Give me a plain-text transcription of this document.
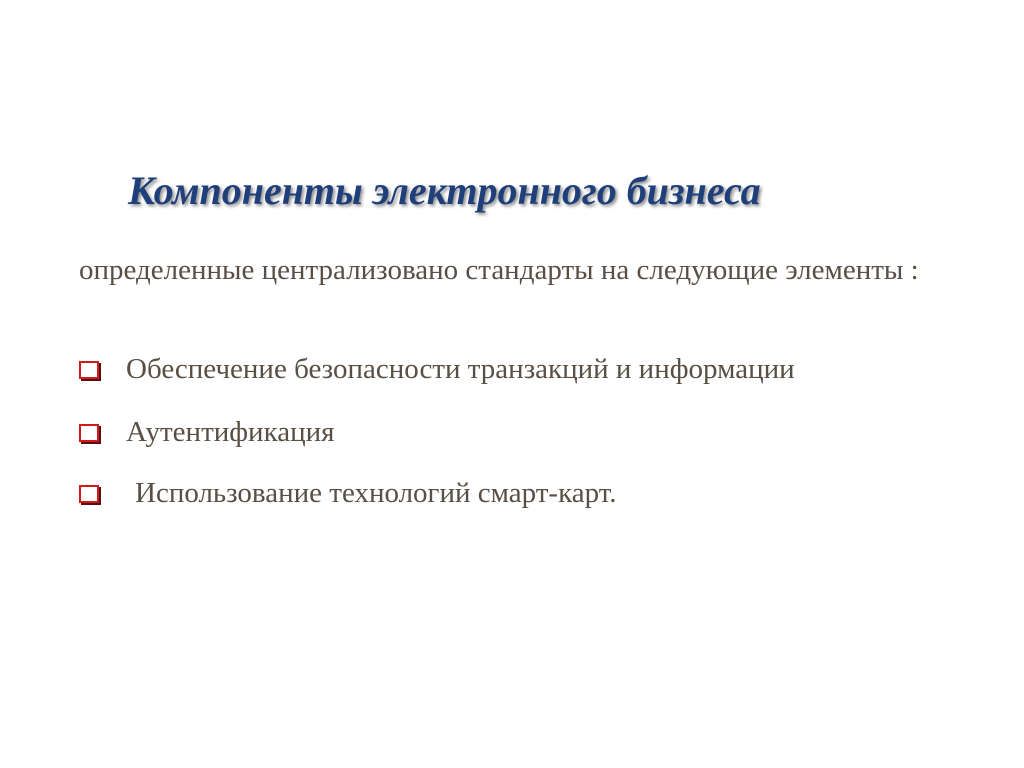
Компоненты электронного бизнеса

определенные централизовано стандарты на следующие элементы :

Обеспечение безопасности транзакций и информации
Аутентификация
Использование технологий смарт-карт.
